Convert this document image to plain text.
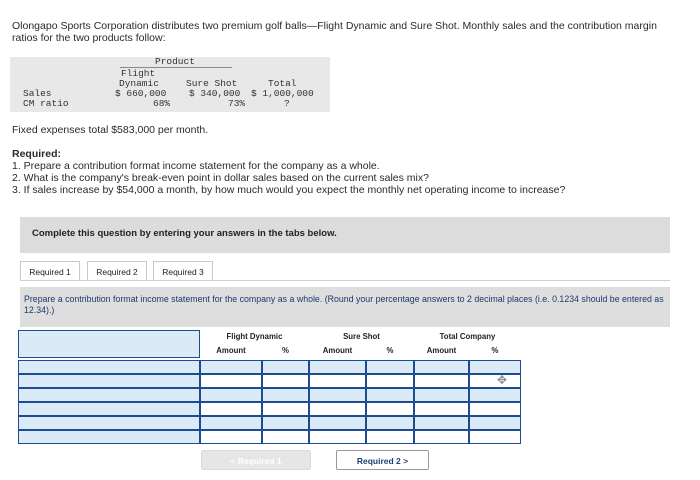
Olongapo Sports Corporation distributes two premium golf balls—Flight Dynamic and Sure Shot. Monthly sales and the contribution margin ratios for the two products follow:
Product
Flight
Dynamic	Sure Shot	Total
Sales	$ 660,000 $ 340,000 $ 1,000,000
CM ratio	68%	73%	?
Fixed expenses total $583,000 per month.
Required:
1. Prepare a contribution format income statement for the company as a whole.
2. What is the company's break-even point in dollar sales based on the current sales mix?
3. If sales increase by $54,000 a month, by how much would you expect the monthly net operating income to increase?
Complete this question by entering your answers in the tabs below.
Required 1	Required 2	Required 3
Prepare a contribution format income statement for the company as a whole. (Round your percentage answers to 2 decimal places (i.e. 0.1234 should be entered as 12.34).)
Flight Dynamic	Sure Shot	Total Company
Amount	%	Amount	%	Amount	%
✥
< Required 1	Required 2 >
